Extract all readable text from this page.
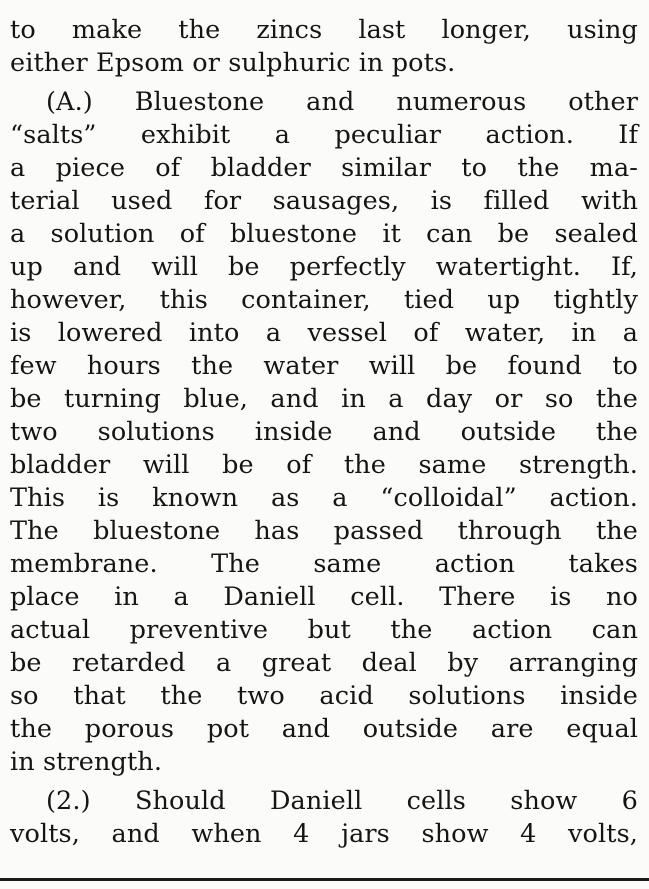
to make the zincs last longer, using
either Epsom or sulphuric in pots.

(A.) Bluestone and numerous other
“salts” exhibit a peculiar action. If
a piece of bladder similar to the ma-
terial used for sausages, is filled with
a solution of bluestone it can be sealed
up and will be perfectly watertight. If,
however, this container, tied up tightly
is lowered into a vessel of water, in a
few hours the water will be found to
be turning blue, and in a day or so the
two solutions inside and outside the
bladder will be of the same strength.
This is known as a “colloidal” action.
The bluestone has passed through the
membrane. The same action takes
place in a Daniell cell. There is no
actual preventive but the action can
be retarded a great deal by arranging
so that the two acid solutions inside
the porous pot and outside are equal
in strength.

(2.) Should Daniell cells show 6
volts, and when 4 jars show 4 volts,
